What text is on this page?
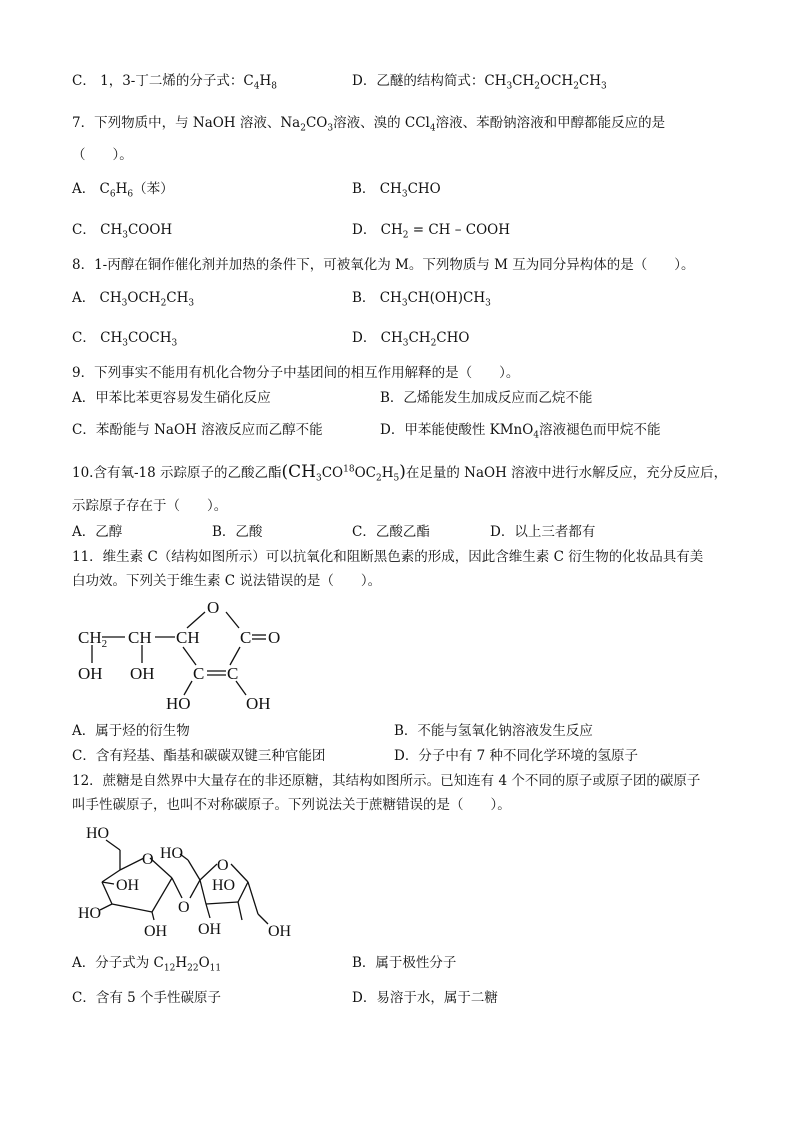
C． 1，3-丁二烯的分子式：$C_4H_8$	D．乙醚的结构简式：$CH_3CH_2OCH_2CH_3$
7．下列物质中，与 NaOH 溶液、$Na_2CO_3$溶液、溴的 CCl$_4$溶液、苯酚钠溶液和甲醇都能反应的是
（　　）。
A． $C_6H_6$（苯）	B． $CH_3CHO$
C． $CH_3COOH$	D． $CH_2$ = CH – COOH
8．1-丙醇在铜作催化剂并加热的条件下，可被氧化为 M。下列物质与 M 互为同分异构体的是（　　）。
A． $CH_3OCH_2CH_3$	B． $CH_3CH(OH)CH_3$
C． $CH_3COCH_3$	D． $CH_3CH_2CHO$
9．下列事实不能用有机化合物分子中基团间的相互作用解释的是（　　）。
A．甲苯比苯更容易发生硝化反应	B．乙烯能发生加成反应而乙烷不能
C．苯酚能与 NaOH 溶液反应而乙醇不能	D．甲苯能使酸性 KMnO$_4$溶液褪色而甲烷不能
10.含有氧-18 示踪原子的乙酸乙酯$(CH_3CO^{18}OC_2H_5)$在足量的 NaOH 溶液中进行水解反应，充分反应后，
示踪原子存在于（　　）。
A．乙醇	B．乙酸	C．乙酸乙酯	D．以上三者都有
11．维生素 C（结构如图所示）可以抗氧化和阻断黑色素的形成，因此含维生素 C 衍生物的化妆品具有美
白功效。下列关于维生素 C 说法错误的是（　　）。
$CH_2$ CH CH C
C C
O
O
OH OH
HO	OH
A．属于烃的衍生物	B．不能与氢氧化钠溶液发生反应
C．含有羟基、酯基和碳碳双键三种官能团	D．分子中有 7 种不同化学环境的氢原子
12．蔗糖是自然界中大量存在的非还原糖，其结构如图所示。已知连有 4 个不同的原子或原子团的碳原子
叫手性碳原子，也叫不对称碳原子。下列说法关于蔗糖错误的是（　　）。
HO
OH
HO
OH
O
O
HO
O
HO
OH	OH
A．分子式为 $C_{12}H_{22}O_{11}$	B．属于极性分子
C．含有 5 个手性碳原子	D．易溶于水，属于二糖
